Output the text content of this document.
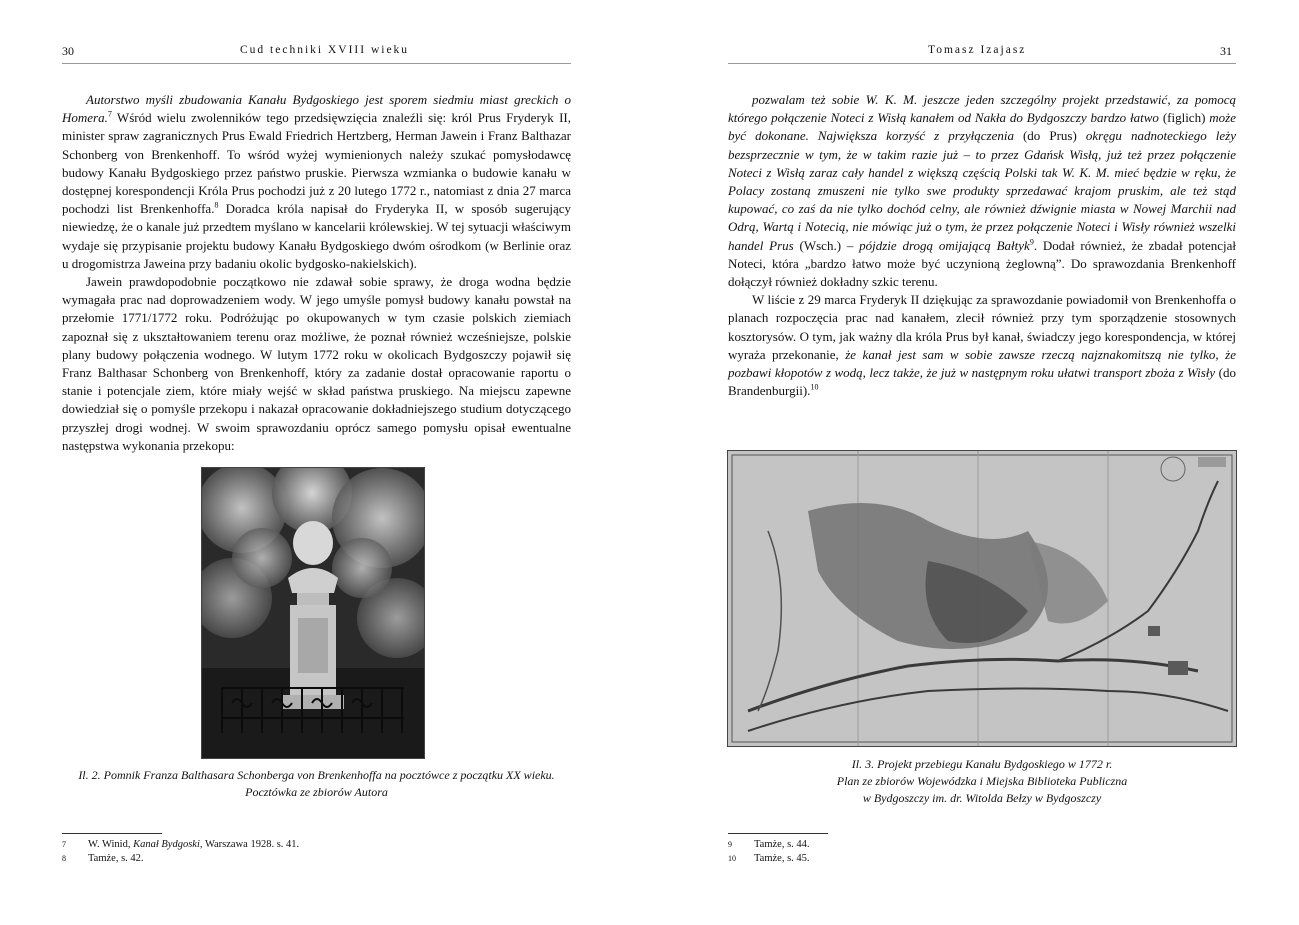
30	Cud techniki XVIII wieku

Autorstwo myśli zbudowania Kanału Bydgoskiego jest sporem siedmiu miast greckich o Homera.$^7$ Wśród wielu zwolenników tego przedsięwzięcia znaleźli się: król Prus Fryderyk II, minister spraw zagranicznych Prus Ewald Friedrich Hertzberg, Herman Jawein i Franz Balthazar Schonberg von Brenkenhoff. To wśród wyżej wymienionych należy szukać pomysłodawcę budowy Kanału Bydgoskiego przez państwo pruskie. Pierwsza wzmianka o budowie kanału w dostępnej korespondencji Króla Prus pochodzi już z 20 lutego 1772 r., natomiast z dnia 27 marca pochodzi list Brenkenhoffa.$^8$ Doradca króla napisał do Fryderyka II, w sposób sugerujący niewiedzę, że o kanale już przedtem myślano w kancelarii królewskiej. W tej sytuacji właściwym wydaje się przypisanie projektu budowy Kanału Bydgoskiego dwóm ośrodkom (w Berlinie oraz u drogomistrza Jaweina przy badaniu okolic bydgosko-nakielskich).

Jawein prawdopodobnie początkowo nie zdawał sobie sprawy, że droga wodna będzie wymagała prac nad doprowadzeniem wody. W jego umyśle pomysł budowy kanału powstał na przełomie 1771/1772 roku. Podróżując po okupowanych w tym czasie polskich ziemiach zapoznał się z ukształtowaniem terenu oraz możliwe, że poznał również wcześniejsze, polskie plany budowy połączenia wodnego. W lutym 1772 roku w okolicach Bydgoszczy pojawił się Franz Balthasar Schonberg von Brenkenhoff, który za zadanie dostał opracowanie raportu o stanie i potencjale ziem, które miały wejść w skład państwa pruskiego. Na miejscu zapewne dowiedział się o pomyśle przekopu i nakazał opracowanie dokładniejszego studium dotyczącego przyszłej drogi wodnej. W swoim sprawozdaniu oprócz samego pomysłu opisał ewentualne następstwa wykonania przekopu:

Il. 2. Pomnik Franza Balthasara Schonberga von Brenkenhoffa na pocztówce z początku XX wieku.
Pocztówka ze zbiorów Autora
7 W. Winid, Kanał Bydgoski, Warszawa 1928. s. 41.
8 Tamże, s. 42.
Tomasz Izajasz	31

pozwalam też sobie W. K. M. jeszcze jeden szczególny projekt przedstawić, za pomocą którego połączenie Noteci z Wisłą kanałem od Nakła do Bydgoszczy bardzo łatwo (figlich) może być dokonane. Największa korzyść z przyłączenia (do Prus) okręgu nadnoteckiego leży bezsprzecznie w tym, że w takim razie już – to przez Gdańsk Wisłą, już też przez połączenie Noteci z Wisłą zaraz cały handel z większą częścią Polski tak W. K. M. mieć będzie w ręku, że Polacy zostaną zmuszeni nie tylko swe produkty sprzedawać krajom pruskim, ale też stąd kupować, co zaś da nie tylko dochód celny, ale również dźwignie miasta w Nowej Marchii nad Odrą, Wartą i Notecią, nie mówiąc już o tym, że przez połączenie Noteci i Wisły również wszelki handel Prus (Wsch.) – pójdzie drogą omijającą Bałtyk$^9$. Dodał również, że zbadał potencjał Noteci, która „bardzo łatwo może być uczynioną żeglowną”. Do sprawozdania Brenkenhoff dołączył również dokładny szkic terenu.

W liście z 29 marca Fryderyk II dziękując za sprawozdanie powiadomił von Brenkenhoffa o planach rozpoczęcia prac nad kanałem, zlecił również przy tym sporządzenie stosownych kosztorysów. O tym, jak ważny dla króla Prus był kanał, świadczy jego korespondencja, w której wyraża przekonanie, że kanał jest sam w sobie zawsze rzeczą najznakomitszą nie tylko, że pozbawi kłopotów z wodą, lecz także, że już w następnym roku ułatwi transport zboża z Wisły (do Brandenburgii).$^{10}$

Il. 3. Projekt przebiegu Kanału Bydgoskiego w 1772 r.
Plan ze zbiorów Wojewódzka i Miejska Biblioteka Publiczna
w Bydgoszczy im. dr. Witolda Bełzy w Bydgoszczy
9 Tamże, s. 44.
10 Tamże, s. 45.
